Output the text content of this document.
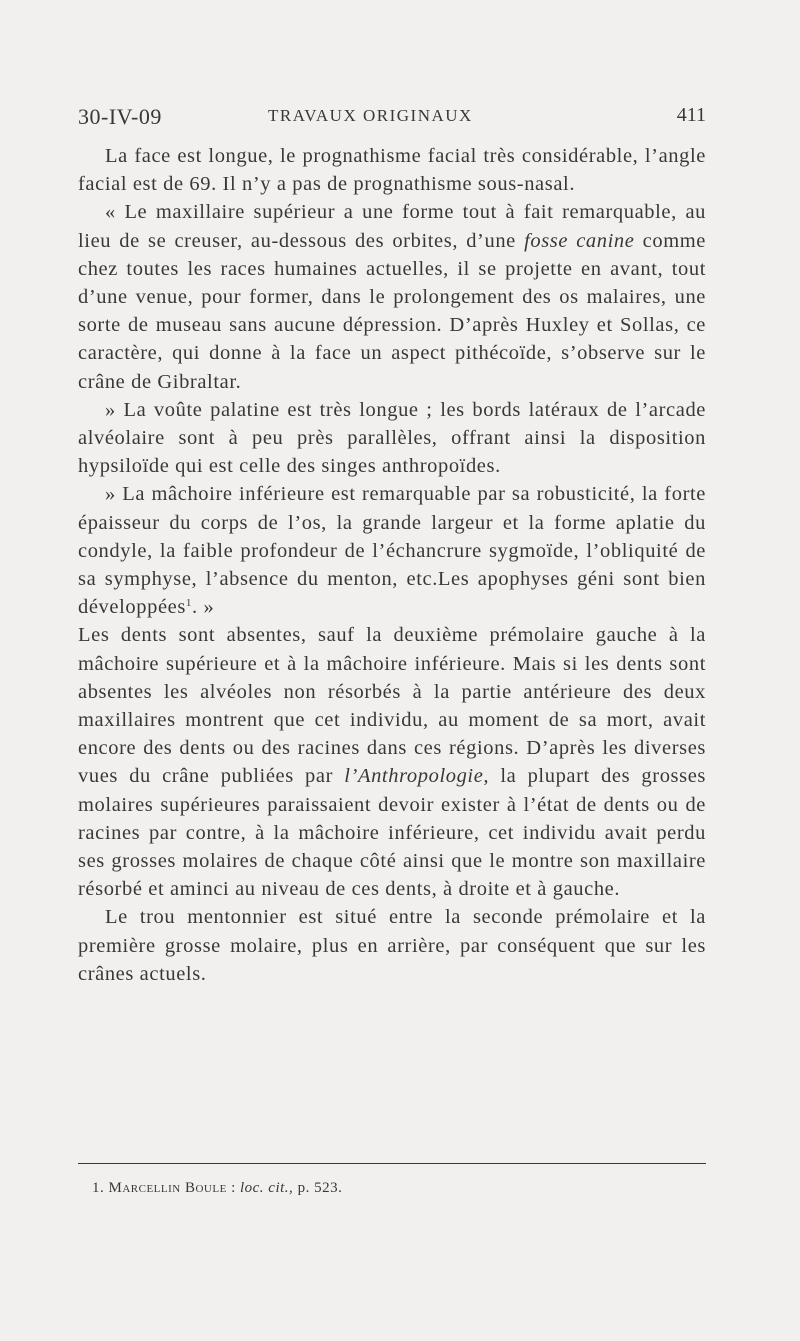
30-IV-09	TRAVAUX ORIGINAUX	411

La face est longue, le prognathisme facial très considérable, l’angle facial est de 69. Il n’y a pas de prognathisme sous-nasal.

« Le maxillaire supérieur a une forme tout à fait remarquable, au lieu de se creuser, au-dessous des orbites, d’une fosse canine comme chez toutes les races humaines actuelles, il se projette en avant, tout d’une venue, pour former, dans le prolongement des os malaires, une sorte de museau sans aucune dépression. D’après Huxley et Sollas, ce caractère, qui donne à la face un aspect pithécoïde, s’observe sur le crâne de Gibraltar.

» La voûte palatine est très longue ; les bords latéraux de l’arcade alvéolaire sont à peu près parallèles, offrant ainsi la disposition hypsiloïde qui est celle des singes anthropoïdes.

» La mâchoire inférieure est remarquable par sa robusticité, la forte épaisseur du corps de l’os, la grande largeur et la forme aplatie du condyle, la faible profondeur de l’échancrure sygmoïde, l’obliquité de sa symphyse, l’absence du menton, etc.Les apophyses géni sont bien développées$^1$. »

Les dents sont absentes, sauf la deuxième prémolaire gauche à la mâchoire supérieure et à la mâchoire inférieure. Mais si les dents sont absentes les alvéoles non résorbés à la partie antérieure des deux maxillaires montrent que cet individu, au moment de sa mort, avait encore des dents ou des racines dans ces régions. D’après les diverses vues du crâne publiées par l’Anthropologie, la plupart des grosses molaires supérieures paraissaient devoir exister à l’état de dents ou de racines par contre, à la mâchoire inférieure, cet individu avait perdu ses grosses molaires de chaque côté ainsi que le montre son maxillaire résorbé et aminci au niveau de ces dents, à droite et à gauche.

Le trou mentonnier est situé entre la seconde prémolaire et la première grosse molaire, plus en arrière, par conséquent que sur les crânes actuels.

1. Marcellin Boule : loc. cit., p. 523.
